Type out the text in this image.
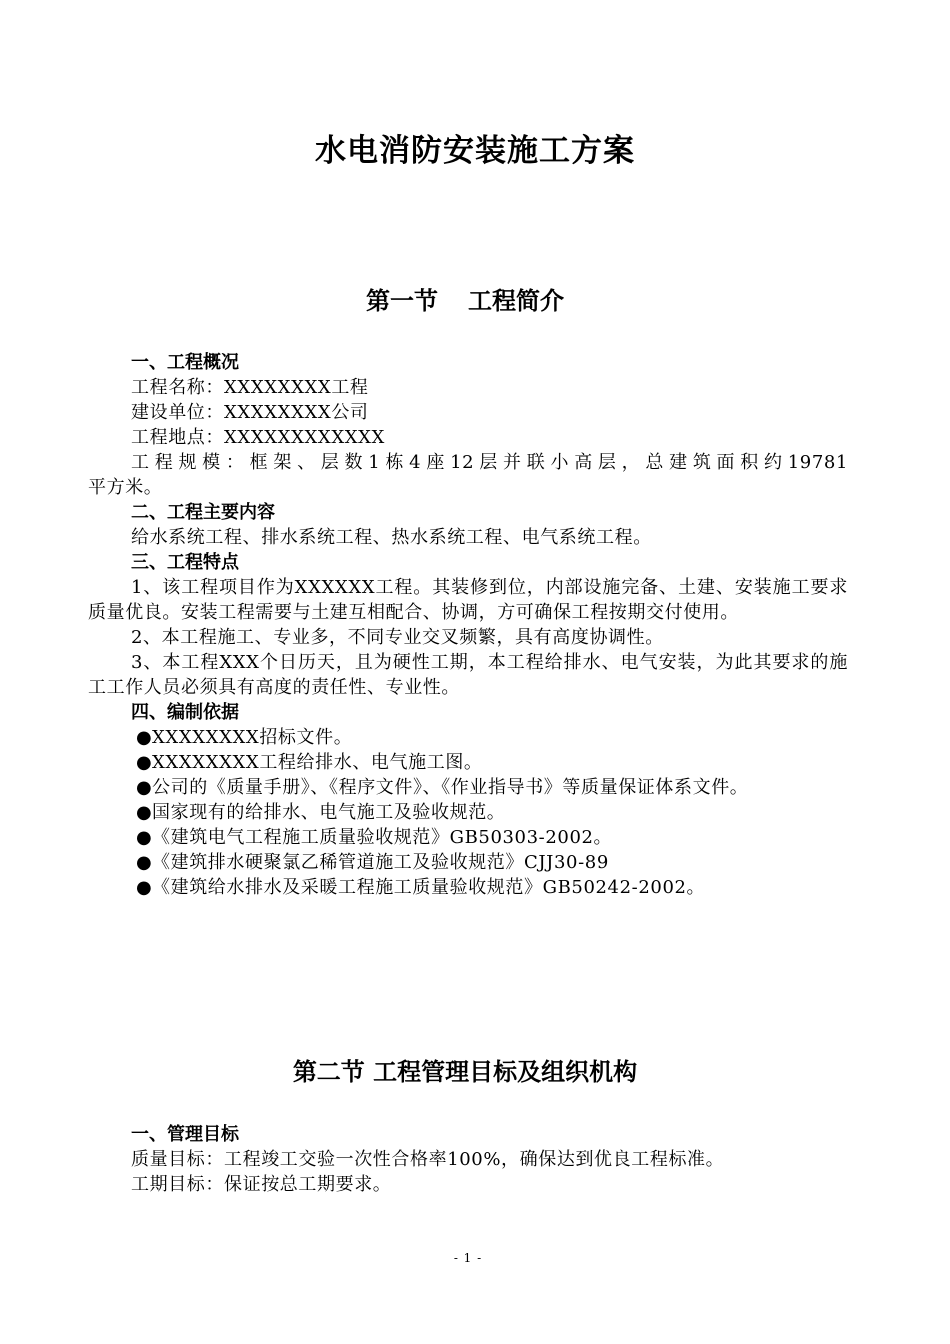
水电消防安装施工方案
第一节 工程简介
一、工程概况

工程名称：XXXXXXXX工程

建设单位：XXXXXXXX公司

工程地点：XXXXXXXXXXXX

工程规模：框架、层数1栋4座12层并联小高层，总建筑面积约19781

平方米。

二、工程主要内容

给水系统工程、排水系统工程、热水系统工程、电气系统工程。

三、工程特点

1、该工程项目作为XXXXXX工程。其装修到位，内部设施完备、土建、安装施工要求质量优良。安装工程需要与土建互相配合、协调，方可确保工程按期交付使用。

2、本工程施工、专业多，不同专业交叉频繁，具有高度协调性。

3、本工程XXX个日历天，且为硬性工期，本工程给排水、电气安装，为此其要求的施工工作人员必须具有高度的责任性、专业性。

四、编制依据

●XXXXXXXX招标文件。

●XXXXXXXX工程给排水、电气施工图。

●公司的《质量手册》、《程序文件》、《作业指导书》等质量保证体系文件。

●国家现有的给排水、电气施工及验收规范。

●《建筑电气工程施工质量验收规范》GB50303-2002。

●《建筑排水硬聚氯乙稀管道施工及验收规范》CJJ30-89

●《建筑给水排水及采暖工程施工质量验收规范》GB50242-2002。

第二节 工程管理目标及组织机构
一、管理目标

质量目标：工程竣工交验一次性合格率100%，确保达到优良工程标准。

工期目标：保证按总工期要求。

- 1 -
